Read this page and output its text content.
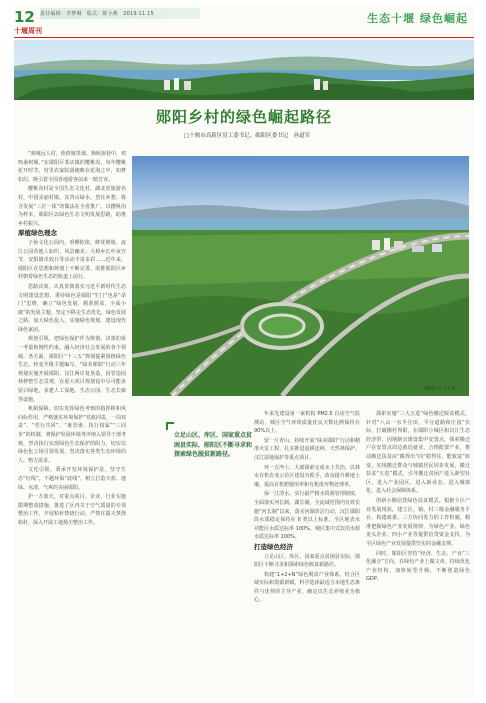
12 责任编辑：李梦琳　版式：陈小燕　2019.11.15
十堰周刊
生态十堰 绿色崛起
郧阳乡村的绿色崛起路径
□十堰市高新区党工委书记、郧阳区委书记　孙道军

“咱城远人村，依依墟里烟。狗吠深巷中，鸡鸣桑树颠。”在郧阳区茶店镇的樱桃沟，每年樱桃花开时节，村里农家院落掩映在花海之中，如梦如幻，吸引着全国各地游客前来一睹芳容。

樱桃沟村是全国生态文化村，湖北省旅游名村，中国美丽村镇，其背山绿水、望住乡愁，将含发展“三位一体”的做法在全省推广。以樱桃沟为样本，郧阳区以绿色生态文明发展思路，助推乡村振兴。

厚植绿色理念

子孙文化公园内，垂柳依依、鲜花锦簇，流江公园草地人如织，风景幽美；大樟乡长叶夜宫节，安阳镇卓较日等活动丰富多彩……近年来，郧阳区在思想和规划上不断完善，助推郧阳区乡村朝着绿色生态的轨道上前行。

思路决策。认真贯彻落实习近平新时代生态文明建设思想，秉持绿色是郧阳“生门”也是“命门”思维，确立“绿色发展，精准脱贫，全面小康”的发展主题，坚定不移走生态优先，绿色发展之路，加大绿色投入，实施绿色规划，建设现代绿色家园。

规划引领。把绿色保护作为规划、决策的第一考量和刚性约束，融入经济社会发展的各个领域。各方面，郧阳区“十三五”规划提紧围绕绿色生态，转变升级主题编写，“绿美郧阳”行动三年规划实施开展郧阳，汉江两岸复垦造，因管造园林修整生态景观，在重大项目规划设中尽可能多留白绿地，多建人工湿地、生态公园、生态长廊等设施。

机制保障。切实发挥绿色考核的指挥棒和风向标作用，严格落实环境保护“党政同责，一岗双责”、“党行共同”、“谁管谁，执行权属”“三同步”的机制，将保护发展环境考评纳入领导干部考核，坚决执行实现绿色生态保护的阻力，切实以绿色化立场引领发展，坚决落实各类生态环境的人、物力需求。

文化引领。秉承开发环境保护是，坚守生态“红线”，不越环保“底线”，树立打造天蓝、地绿、水清、气爽的美丽郧阳。

护一方蓝天。对重点项目、企业、行业实施限期整改措施，推进了区内关于空气质量的专项整治工作，开展秸秆禁烧行动，严禁在露天焚烧秸秆，深入开展工地扬尘整治工作。

郧阳区天马大道。
立足山区、库区、国家重点贫困县实际，郧阳区不断寻求和探索绿色脱贫新路径。

年来先建设第一家机构 PM2.5 自动空气监测站，城区空气环境质量优良天数比例保持在 90%以上。

留一片青山。持续开展“绿美郧阳”行动和精准灭荒工程，扎实推进退耕还林、天然林保护、汉江湿地保护等重点项目。

环一方净土。大部探索完成水土共治，以林水有机农业示范区建设为抓手，改良提升耕地土壤，提高有机肥使用率和有机废弃物处理率。

保一江清水。实行最严格水资源管理制度，全面落实河长制、湖长制，全流域范围内有效实施“河长制”以来，落实河湖清洁行动，汉江郧阳段水质稳定保持在 II 类以上标准，全区地表水功能区水质达标率 100%，城区集中式饮用水源水质达标率 100%。

打造绿色经济

立足山区、库区，国家重点贫困县实际，郧阳区不断寻求和探索绿色脱贫新路径。

构建“1+2+N”绿色脱贫产业体系。结合区域实际和资源禀赋，科学选择最适合本地生态条件与优势的主导产业，确定以生态养殖业为核心。

探索实施“三大五进”绿色搬迁脱贫模式，针对“八山一水半分田，平分道路和庄园”实际，打破搬村界限，在郧阳小城区和汉江生态经济带，因地制宜建设集中安置点，探索搬迁户在安置点周边就近就业、合理配置产业，推动搬迁扶贫由“搬得出”向“稳得住、能致富”转变，实现搬迁群众与城镇居民同步发展，搬迁扶贫“五进”模式，引导搬迁贫困户进入新型社区、进入产业园区、进入新业态、进入城镇化、进入社会保障体系。

创新小额信贷绿色扶贫模式。根据全区产业发展现状，建立区、镇、村三级金融服务平台，构建政策、三方协同发力的工作机制，精准把握绿色产业发展规律，为绿色产业、绿色龙头企业、四小产业等提供信贷资金支持，为全区绿色产业发展提供坚实的金融支撑。

同时，郧阳区坚持“经济、生态、产业”三化融合”方向，在绿色产业上做文章，持续优化产业结构，加快转型升级，不断创造绿色 GDP。
